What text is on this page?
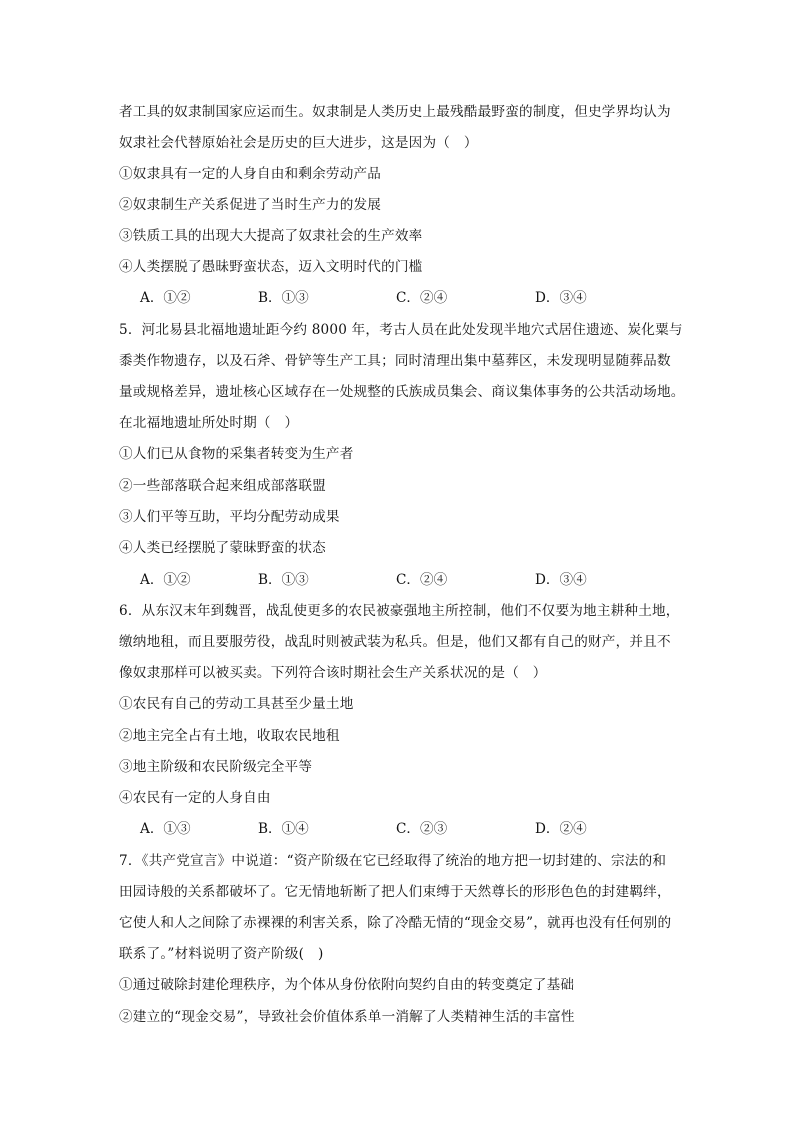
者工具的奴隶制国家应运而生。奴隶制是人类历史上最残酷最野蛮的制度，但史学界均认为
奴隶社会代替原始社会是历史的巨大进步，这是因为（　）
①奴隶具有一定的人身自由和剩余劳动产品
②奴隶制生产关系促进了当时生产力的发展
③铁质工具的出现大大提高了奴隶社会的生产效率
④人类摆脱了愚昧野蛮状态，迈入文明时代的门槛
A．①②	B．①③	C．②④	D．③④
5．河北易县北福地遗址距今约 8000 年，考古人员在此处发现半地穴式居住遗迹、炭化粟与
黍类作物遗存，以及石斧、骨铲等生产工具；同时清理出集中墓葬区，未发现明显随葬品数
量或规格差异，遗址核心区域存在一处规整的氏族成员集会、商议集体事务的公共活动场地。
在北福地遗址所处时期（　）
①人们已从食物的采集者转变为生产者
②一些部落联合起来组成部落联盟
③人们平等互助，平均分配劳动成果
④人类已经摆脱了蒙昧野蛮的状态
A．①②	B．①③	C．②④	D．③④
6．从东汉末年到魏晋，战乱使更多的农民被豪强地主所控制，他们不仅要为地主耕种土地，
缴纳地租，而且要服劳役，战乱时则被武装为私兵。但是，他们又都有自己的财产，并且不
像奴隶那样可以被买卖。下列符合该时期社会生产关系状况的是（　）
①农民有自己的劳动工具甚至少量土地
②地主完全占有土地，收取农民地租
③地主阶级和农民阶级完全平等
④农民有一定的人身自由
A．①③	B．①④	C．②③	D．②④
7．《共产党宣言》中说道：“资产阶级在它已经取得了统治的地方把一切封建的、宗法的和
田园诗般的关系都破坏了。它无情地斩断了把人们束缚于天然尊长的形形色色的封建羁绊，
它使人和人之间除了赤裸裸的利害关系，除了冷酷无情的“现金交易”，就再也没有任何别的
联系了。”材料说明了资产阶级(　)
①通过破除封建伦理秩序，为个体从身份依附向契约自由的转变奠定了基础
②建立的“现金交易”，导致社会价值体系单一消解了人类精神生活的丰富性
